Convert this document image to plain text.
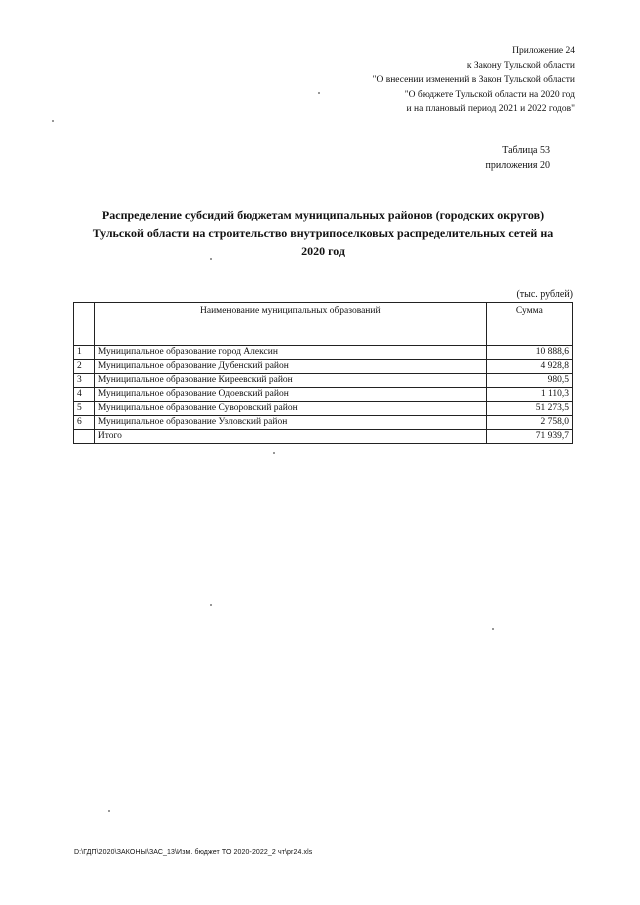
Приложение 24
к Закону Тульской области
"О внесении изменений в Закон Тульской области
"О бюджете Тульской области на 2020 год
и на плановый период 2021 и 2022 годов"
Таблица 53
приложения 20
Распределение субсидий бюджетам муниципальных районов (городских округов)
Тульской области на строительство внутрипоселковых распределительных сетей на
2020 год
(тыс. рублей)
	Наименование муниципальных образований	Сумма
1	Муниципальное образование город Алексин	10 888,6
2	Муниципальное образование Дубенский район	4 928,8
3	Муниципальное образование Киреевский район	980,5
4	Муниципальное образование Одоевский район	1 110,3
5	Муниципальное образование Суворовский район	51 273,5
6	Муниципальное образование Узловский район	2 758,0
	Итого	71 939,7
D:\ГДП\2020\ЗАКОНЫ\ЗАС_13\Изм. бюджет ТО 2020-2022_2 чт\pr24.xls
